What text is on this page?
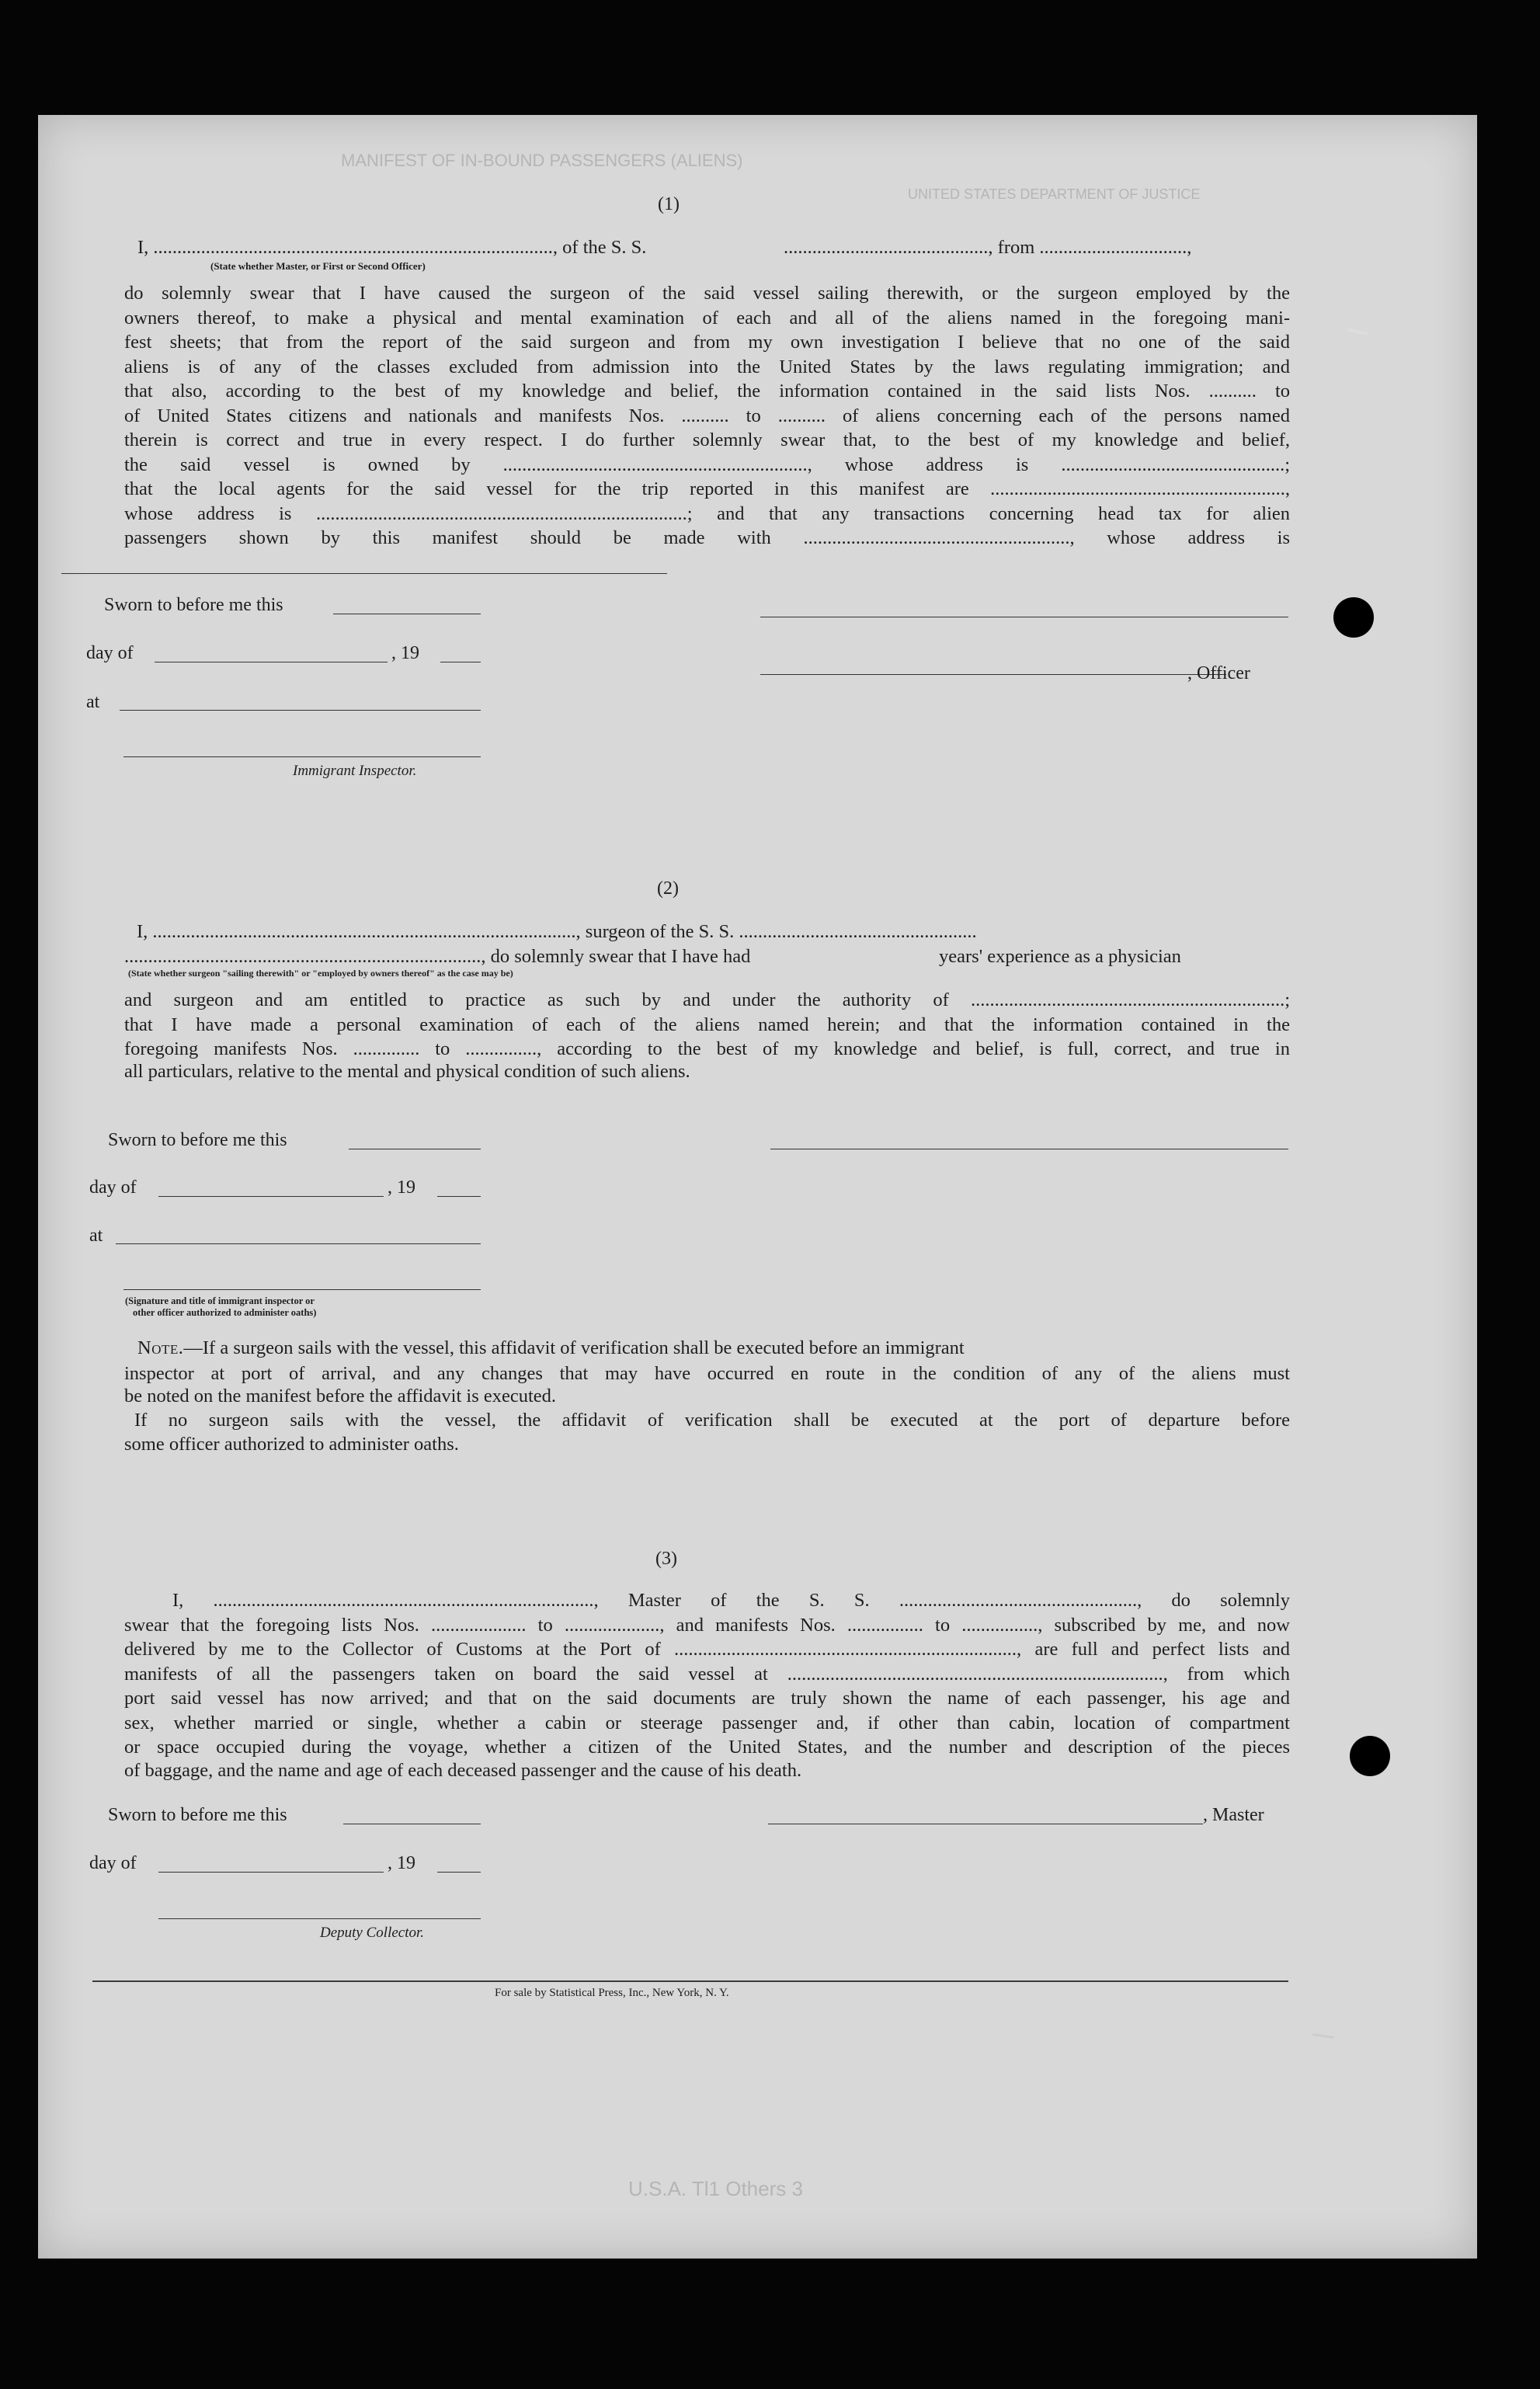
MANIFEST OF IN-BOUND PASSENGERS (ALIENS)
UNITED STATES DEPARTMENT OF JUSTICE
U.S.A. Tl1 Others 3
(1)
I, ...................................................................................., of the S. S.	..........................................., from ...............................,
(State whether Master, or First or Second Officer)
do solemnly swear that I have caused the surgeon of the said vessel sailing therewith, or the surgeon employed by the
owners thereof, to make a physical and mental examination of each and all of the aliens named in the foregoing mani-
fest sheets; that from the report of the said surgeon and from my own investigation I believe that no one of the said
aliens is of any of the classes excluded from admission into the United States by the laws regulating immigration; and
that also, according to the best of my knowledge and belief, the information contained in the said lists Nos. .......... to
of United States citizens and nationals and manifests Nos. .......... to .......... of aliens concerning each of the persons named
therein is correct and true in every respect. I do further solemnly swear that, to the best of my knowledge and belief,
the said vessel is owned by ................................................................, whose address is ...............................................;
that the local agents for the said vessel for the trip reported in this manifest are ..............................................................,
whose address is ..............................................................................; and that any transactions concerning head tax for alien
passengers shown by this manifest should be made with ........................................................, whose address is
Sworn to before me this
day of	, 19
, Officer
at
Immigrant Inspector.
(2)
I, ........................................................................................., surgeon of the S. S. ..................................................
..........................................................................., do solemnly swear that I have had	years' experience as a physician
(State whether surgeon "sailing therewith" or "employed by owners thereof" as the case may be)
and surgeon and am entitled to practice as such by and under the authority of ..................................................................;
that I have made a personal examination of each of the aliens named herein; and that the information contained in the
foregoing manifests Nos. .............. to ..............., according to the best of my knowledge and belief, is full, correct, and true in
all particulars, relative to the mental and physical condition of such aliens.
Sworn to before me this
day of	, 19
at
(Signature and title of immigrant inspector or
other officer authorized to administer oaths)
Note.—If a surgeon sails with the vessel, this affidavit of verification shall be executed before an immigrant
inspector at port of arrival, and any changes that may have occurred en route in the condition of any of the aliens must
be noted on the manifest before the affidavit is executed.
If no surgeon sails with the vessel, the affidavit of verification shall be executed at the port of departure before
some officer authorized to administer oaths.
(3)
I, ................................................................................, Master of the S. S. .................................................., do solemnly
swear that the foregoing lists Nos. .................... to ...................., and manifests Nos. ................ to ................, subscribed by me, and now
delivered by me to the Collector of Customs at the Port of ........................................................................, are full and perfect lists and
manifests of all the passengers taken on board the said vessel at ..............................................................................., from which
port said vessel has now arrived; and that on the said documents are truly shown the name of each passenger, his age and
sex, whether married or single, whether a cabin or steerage passenger and, if other than cabin, location of compartment
or space occupied during the voyage, whether a citizen of the United States, and the number and description of the pieces
of baggage, and the name and age of each deceased passenger and the cause of his death.
Sworn to before me this	, Master
day of	, 19
Deputy Collector.
For sale by Statistical Press, Inc., New York, N. Y.
